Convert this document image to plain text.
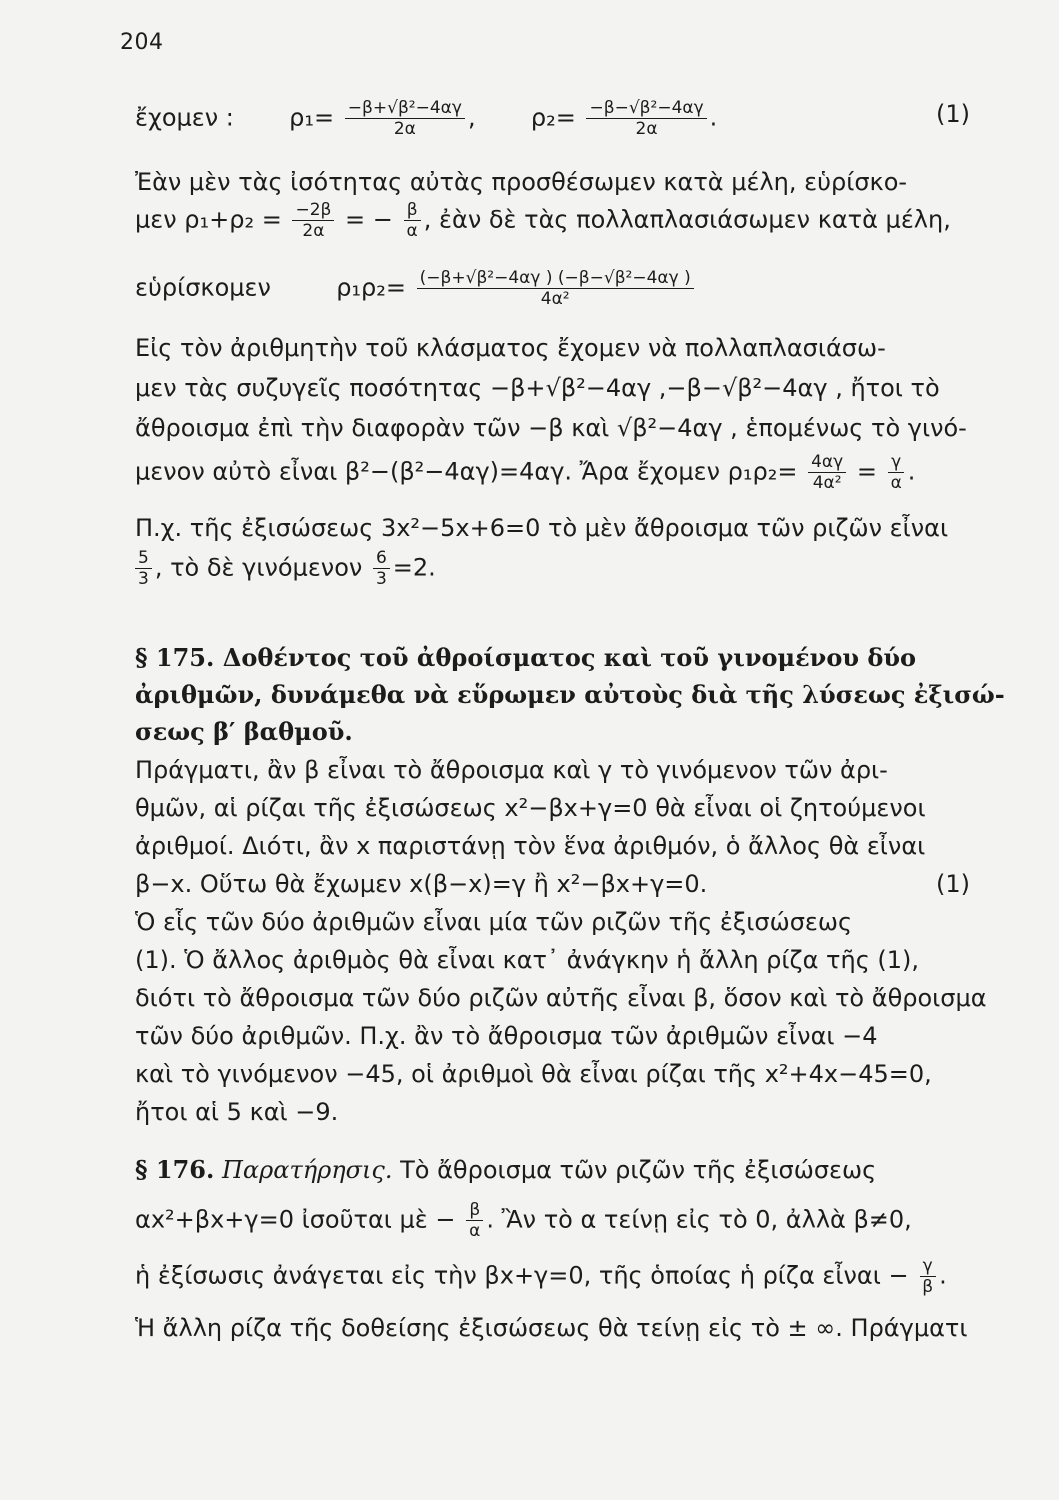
204
ἔχομεν : $\rho_1= \frac{\text{−β+√β²−4αγ}}{2\alpha}$ , $\rho_2= \frac{\text{−β−√β²−4αγ}}{2\alpha}$ .	(1)
Ἐὰν μὲν τὰς ἰσότητας αὐτὰς προσθέσωμεν κατὰ μέλη, εὑρίσκο-
μεν $\rho_1+\rho_2 = \frac{-2\beta}{2\alpha}$ = − $\frac{\beta}{\alpha}$ , ἐὰν δὲ τὰς πολλαπλασιάσωμεν κατὰ μέλη,
εὑρίσκομεν	$\rho_1\rho_2= \frac{\text{(−β+√β²−4αγ ) (−β−√β²−4αγ )}}{\text{4α²}}$
Εἰς τὸν ἀριθμητὴν τοῦ κλάσματος ἔχομεν νὰ πολλαπλασιάσω-
μεν τὰς συζυγεῖς ποσότητας −β+√β²−4αγ ,−β−√β²−4αγ , ἤτοι τὸ
ἄθροισμα ἐπὶ τὴν διαφορὰν τῶν −β καὶ √β²−4αγ , ἑπομένως τὸ γινό-
μενον αὐτὸ εἶναι β²−(β²−4αγ)=4αγ. Ἄρα ἔχομεν $\rho_1\rho_2= \frac{4\alpha\gamma}{\text{4α²}} = \frac{\gamma}{\alpha}$ .
Π.χ. τῆς ἐξισώσεως 3x²−5x+6=0 τὸ μὲν ἄθροισμα τῶν ριζῶν εἶναι
$\frac{5}{3}$ , τὸ δὲ γινόμενον $\frac{6}{3} =2$.
§ 175. Δοθέντος τοῦ ἀθροίσματος καὶ τοῦ γινομένου δύο
ἀριθμῶν, δυνάμεθα νὰ εὕρωμεν αὐτοὺς διὰ τῆς λύσεως ἐξισώ-
σεως β′ βαθμοῦ.
Πράγματι, ἂν β εἶναι τὸ ἄθροισμα καὶ γ τὸ γινόμενον τῶν ἀρι-
θμῶν, αἱ ρίζαι τῆς ἐξισώσεως x²−βx+γ=0 θὰ εἶναι οἱ ζητούμενοι
ἀριθμοί. Διότι, ἂν x παριστάνῃ τὸν ἕνα ἀριθμόν, ὁ ἄλλος θὰ εἶναι
β−x. Οὕτω θὰ ἔχωμεν x(β−x)=γ ἢ x²−βx+γ=0.	(1)
Ὁ εἷς τῶν δύο ἀριθμῶν εἶναι μία τῶν ριζῶν τῆς ἐξισώσεως
(1). Ὁ ἄλλος ἀριθμὸς θὰ εἶναι κατ᾽ ἀνάγκην ἡ ἄλλη ρίζα τῆς (1),
διότι τὸ ἄθροισμα τῶν δύο ριζῶν αὐτῆς εἶναι β, ὅσον καὶ τὸ ἄθροισμα
τῶν δύο ἀριθμῶν. Π.χ. ἂν τὸ ἄθροισμα τῶν ἀριθμῶν εἶναι −4
καὶ τὸ γινόμενον −45, οἱ ἀριθμοὶ θὰ εἶναι ρίζαι τῆς x²+4x−45=0,
ἤτοι αἱ 5 καὶ −9.
§ 176. Παρατήρησις. Τὸ ἄθροισμα τῶν ριζῶν τῆς ἐξισώσεως
αx²+βx+γ=0 ἰσοῦται μὲ − $\frac{\beta}{\alpha}$ . Ἂν τὸ α τείνῃ εἰς τὸ 0, ἀλλὰ β≠0,
ἡ ἐξίσωσις ἀνάγεται εἰς τὴν βx+γ=0, τῆς ὁποίας ἡ ρίζα εἶναι − $\frac{\gamma}{\beta}$ .
Ἡ ἄλλη ρίζα τῆς δοθείσης ἐξισώσεως θὰ τείνῃ εἰς τὸ ± ∞. Πράγματι
